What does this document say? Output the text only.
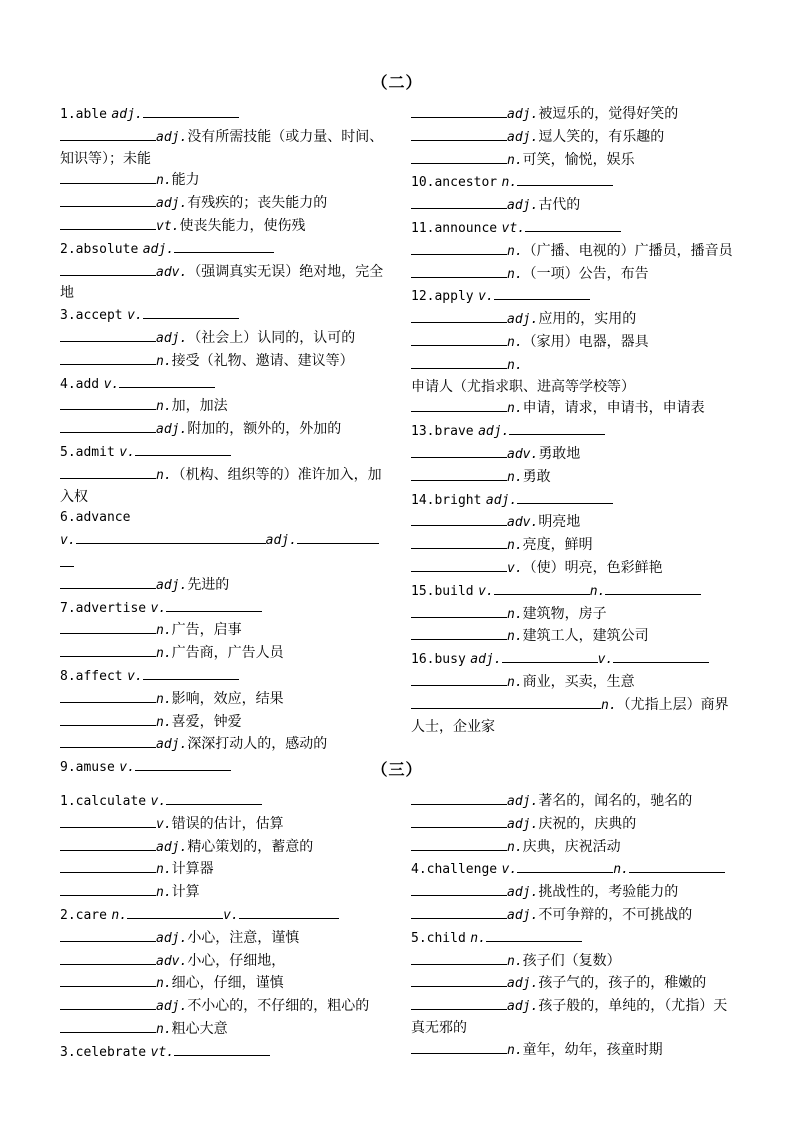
（二）
1.able adj.
adj.没有所需技能（或力量、时间、知识等）；未能
n.能力
adj.有残疾的；丧失能力的
vt.使丧失能力，使伤残
2.absolute adj.
adv.（强调真实无误）绝对地，完全地
3.accept v.
adj.（社会上）认同的，认可的
n.接受（礼物、邀请、建议等）
4.add v.
n.加，加法
adj.附加的，额外的，外加的
5.admit v.
n.（机构、组织等的）准许加入，加入权
6.advance
v.	adj.
adj.先进的
7.advertise v.
n.广告，启事
n.广告商，广告人员
8.affect v.
n.影响，效应，结果
n.喜爱，钟爱
adj.深深打动人的，感动的
9.amuse v.
adj.被逗乐的，觉得好笑的
adj.逗人笑的，有乐趣的
n.可笑，愉悦，娱乐
10.ancestor n.
adj.古代的
11.announce vt.
n.（广播、电视的）广播员，播音员
n.（一项）公告，布告
12.apply v.
adj.应用的，实用的
n.（家用）电器，器具
n.申请人（尤指求职、进高等学校等）
n.申请，请求，申请书，申请表
13.brave adj.
adv.勇敢地
n.勇敢
14.bright adj.
adv.明亮地
n.亮度，鲜明
v.（使）明亮，色彩鲜艳
15.build v.	n.
n.建筑物，房子
n.建筑工人，建筑公司
16.busy adj.	v.
n.商业，买卖，生意
n.（尤指上层）商界人士，企业家
（三）
1.calculate v.
v.错误的估计，估算
adj.精心策划的，蓄意的
n.计算器
n.计算
2.care n.	v.
adj.小心，注意，谨慎
adv.小心，仔细地，
n.细心，仔细，谨慎
adj.不小心的，不仔细的，粗心的
n.粗心大意
3.celebrate vt.
adj.著名的，闻名的，驰名的
adj.庆祝的，庆典的
n.庆典，庆祝活动
4.challenge v.	n.
adj.挑战性的，考验能力的
adj.不可争辩的，不可挑战的
5.child n.
n.孩子们（复数）
adj.孩子气的，孩子的，稚嫩的
adj.孩子般的，单纯的，（尤指）天真无邪的
n.童年，幼年，孩童时期
